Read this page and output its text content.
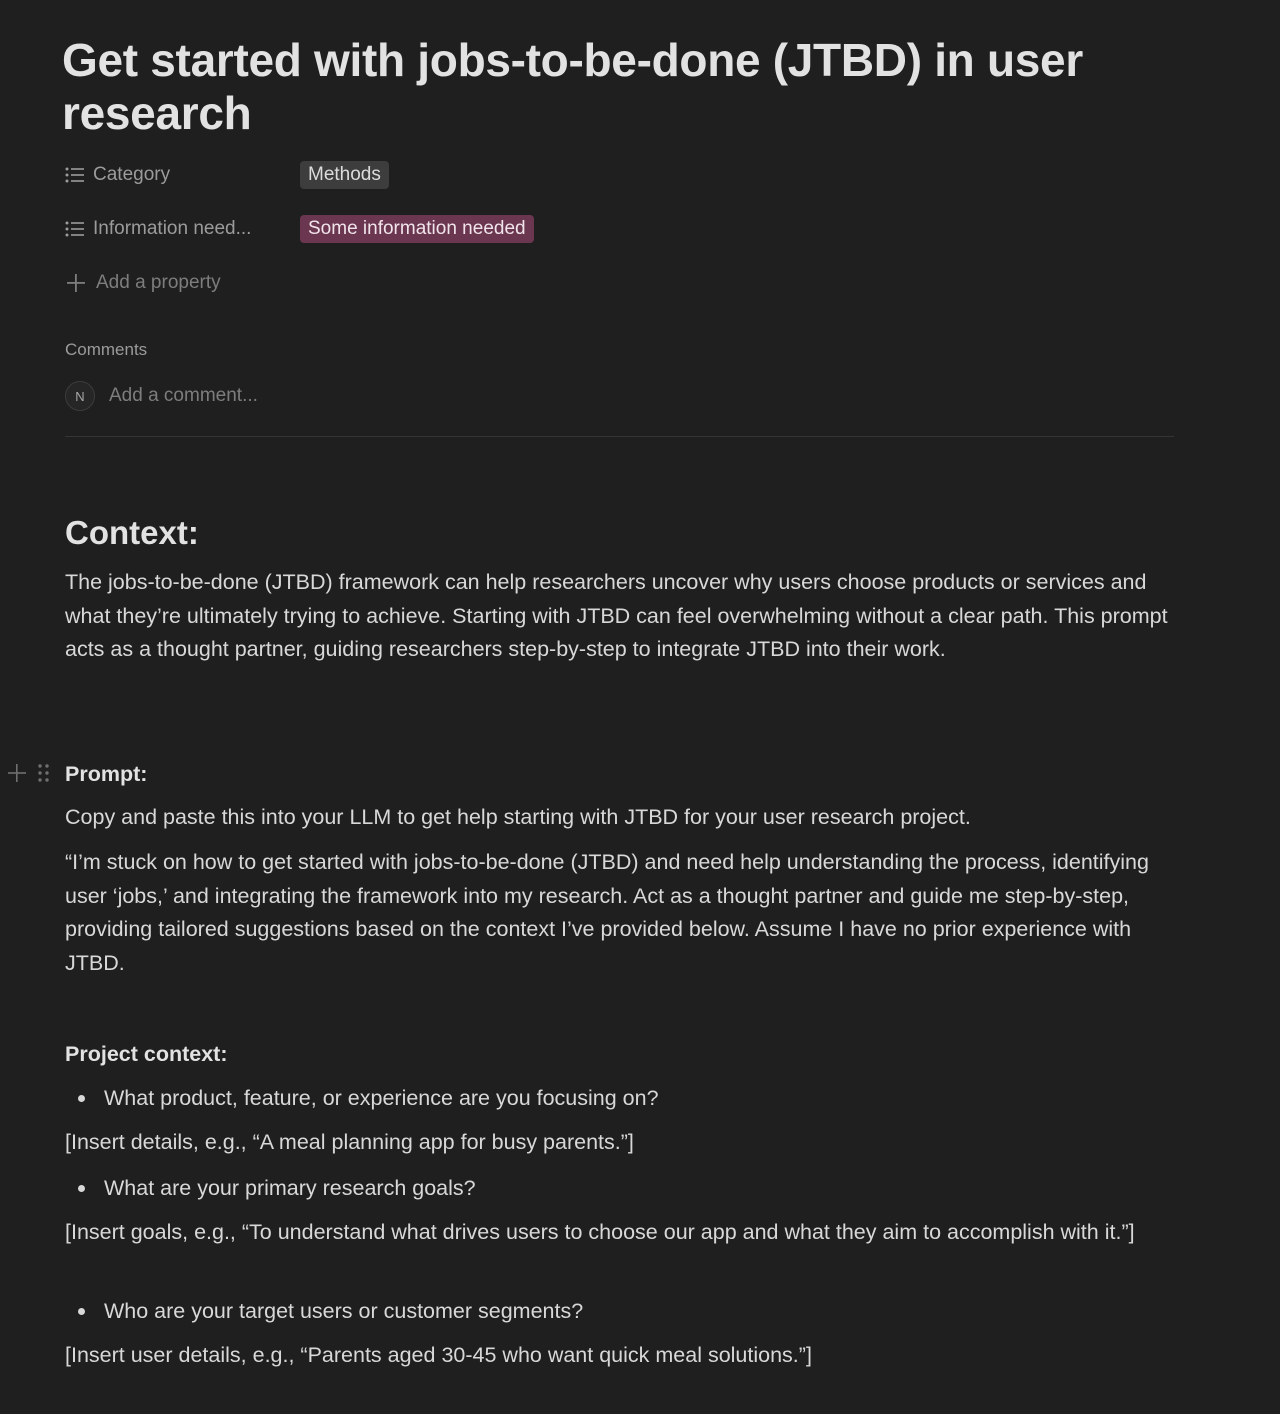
Get started with jobs-to-be-done (JTBD) in user research
Category	Methods
Information need...	Some information needed
Add a property
Comments
N
Add a comment...
Context:

The jobs-to-be-done (JTBD) framework can help researchers uncover why users choose products or services and what they’re ultimately trying to achieve. Starting with JTBD can feel overwhelming without a clear path. This prompt acts as a thought partner, guiding researchers step-by-step to integrate JTBD into their work.

Prompt:

Copy and paste this into your LLM to get help starting with JTBD for your user research project.

“I’m stuck on how to get started with jobs-to-be-done (JTBD) and need help understanding the process, identifying user ‘jobs,’ and integrating the framework into my research. Act as a thought partner and guide me step-by-step, providing tailored suggestions based on the context I’ve provided below. Assume I have no prior experience with JTBD.

Project context:
What product, feature, or experience are you focusing on?

[Insert details, e.g., “A meal planning app for busy parents.”]

What are your primary research goals?

[Insert goals, e.g., “To understand what drives users to choose our app and what they aim to accomplish with it.”]

Who are your target users or customer segments?

[Insert user details, e.g., “Parents aged 30-45 who want quick meal solutions.”]
